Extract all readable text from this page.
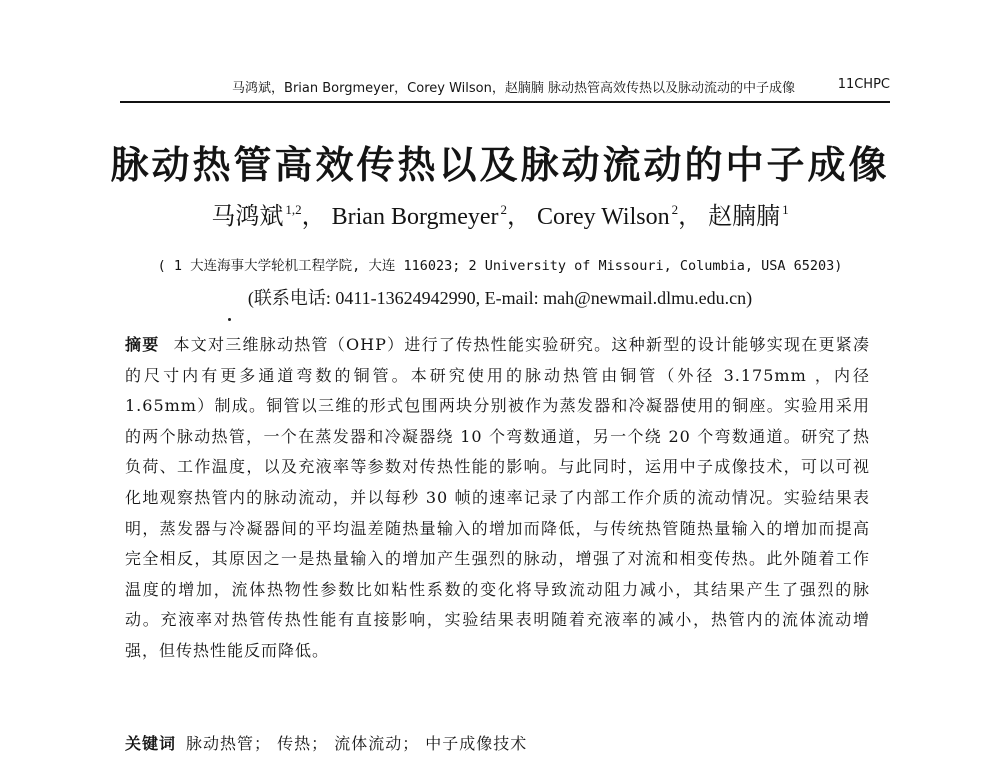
马鸿斌，Brian Borgmeyer，Corey Wilson，赵腩腩 脉动热管高效传热以及脉动流动的中子成像	11CHPC
脉动热管高效传热以及脉动流动的中子成像
马鸿斌 $^{1,2}$， Brian Borgmeyer $^2$， Corey Wilson $^2$， 赵腩腩 $^1$
( 1 大连海事大学轮机工程学院, 大连 116023; 2 University of Missouri, Columbia, USA 65203)
(联系电话: 0411-13624942990, E-mail: mah@newmail.dlmu.edu.cn)

摘要 本文对三维脉动热管（OHP）进行了传热性能实验研究。这种新型的设计能够实现在更紧凑的尺寸内有更多通道弯数的铜管。本研究使用的脉动热管由铜管（外径 3.175mm ，内径 1.65mm）制成。铜管以三维的形式包围两块分别被作为蒸发器和冷凝器使用的铜座。实验用采用的两个脉动热管，一个在蒸发器和冷凝器绕 10 个弯数通道，另一个绕 20 个弯数通道。研究了热负荷、工作温度，以及充液率等参数对传热性能的影响。与此同时，运用中子成像技术，可以可视化地观察热管内的脉动流动，并以每秒 30 帧的速率记录了内部工作介质的流动情况。实验结果表明，蒸发器与冷凝器间的平均温差随热量输入的增加而降低，与传统热管随热量输入的增加而提高完全相反，其原因之一是热量输入的增加产生强烈的脉动，增强了对流和相变传热。此外随着工作温度的增加，流体热物性参数比如粘性系数的变化将导致流动阻力减小，其结果产生了强烈的脉动。充液率对热管传热性能有直接影响，实验结果表明随着充液率的减小，热管内的流体流动增强，但传热性能反而降低。

关键词 脉动热管； 传热； 流体流动； 中子成像技术
